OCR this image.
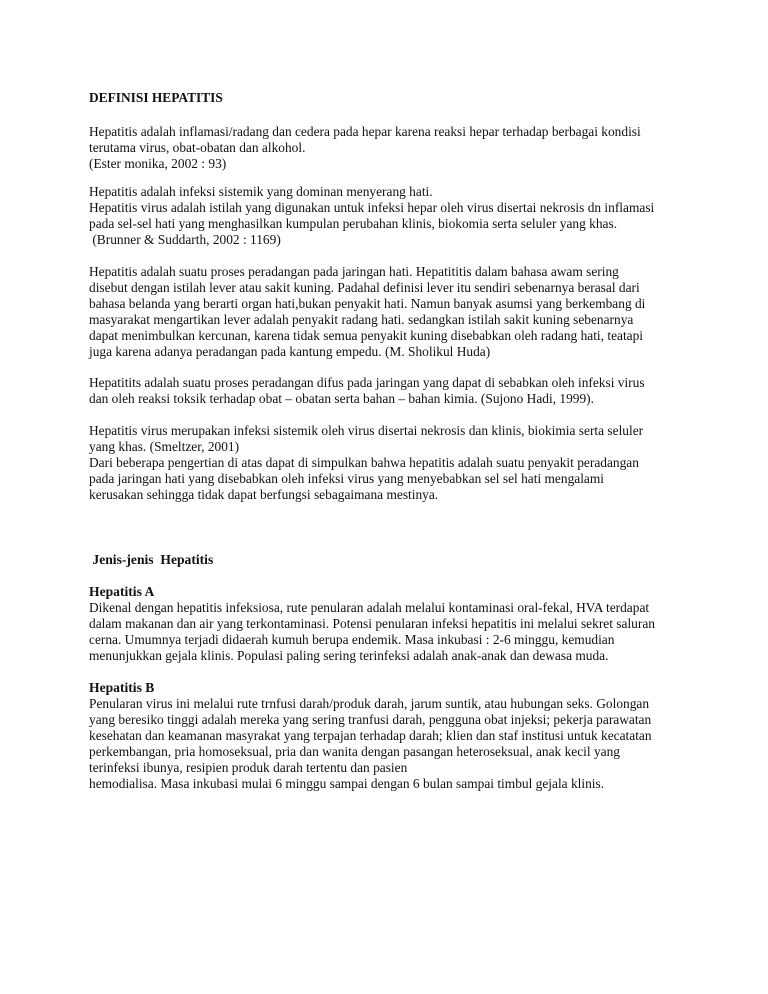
DEFINISI HEPATITIS
Hepatitis adalah inflamasi/radang dan cedera pada hepar karena reaksi hepar terhadap berbagai kondisi
terutama virus, obat-obatan dan alkohol.
(Ester monika, 2002 : 93)
Hepatitis adalah infeksi sistemik yang dominan menyerang hati.
Hepatitis virus adalah istilah yang digunakan untuk infeksi hepar oleh virus disertai nekrosis dn inflamasi
pada sel-sel hati yang menghasilkan kumpulan perubahan klinis, biokomia serta seluler yang khas.
(Brunner & Suddarth, 2002 : 1169)
Hepatitis adalah suatu proses peradangan pada jaringan hati. Hepatititis dalam bahasa awam sering
disebut dengan istilah lever atau sakit kuning. Padahal definisi lever itu sendiri sebenarnya berasal dari
bahasa belanda yang berarti organ hati,bukan penyakit hati. Namun banyak asumsi yang berkembang di
masyarakat mengartikan lever adalah penyakit radang hati. sedangkan istilah sakit kuning sebenarnya
dapat menimbulkan kercunan, karena tidak semua penyakit kuning disebabkan oleh radang hati, teatapi
juga karena adanya peradangan pada kantung empedu. (M. Sholikul Huda)
Hepatitits adalah suatu proses peradangan difus pada jaringan yang dapat di sebabkan oleh infeksi virus
dan oleh reaksi toksik terhadap obat – obatan serta bahan – bahan kimia. (Sujono Hadi, 1999).
Hepatitis virus merupakan infeksi sistemik oleh virus disertai nekrosis dan klinis, biokimia serta seluler
yang khas. (Smeltzer, 2001)
Dari beberapa pengertian di atas dapat di simpulkan bahwa hepatitis adalah suatu penyakit peradangan
pada jaringan hati yang disebabkan oleh infeksi virus yang menyebabkan sel sel hati mengalami
kerusakan sehingga tidak dapat berfungsi sebagaimana mestinya.
Jenis-jenis  Hepatitis
Hepatitis A
Dikenal dengan hepatitis infeksiosa, rute penularan adalah melalui kontaminasi oral-fekal, HVA terdapat
dalam makanan dan air yang terkontaminasi. Potensi penularan infeksi hepatitis ini melalui sekret saluran
cerna. Umumnya terjadi didaerah kumuh berupa endemik. Masa inkubasi : 2-6 minggu, kemudian
menunjukkan gejala klinis. Populasi paling sering terinfeksi adalah anak-anak dan dewasa muda.
Hepatitis B
Penularan virus ini melalui rute trnfusi darah/produk darah, jarum suntik, atau hubungan seks. Golongan
yang beresiko tinggi adalah mereka yang sering tranfusi darah, pengguna obat injeksi; pekerja parawatan
kesehatan dan keamanan masyrakat yang terpajan terhadap darah; klien dan staf institusi untuk kecatatan
perkembangan, pria homoseksual, pria dan wanita dengan pasangan heteroseksual, anak kecil yang
terinfeksi ibunya, resipien produk darah tertentu dan pasien
hemodialisa. Masa inkubasi mulai 6 minggu sampai dengan 6 bulan sampai timbul gejala klinis.
